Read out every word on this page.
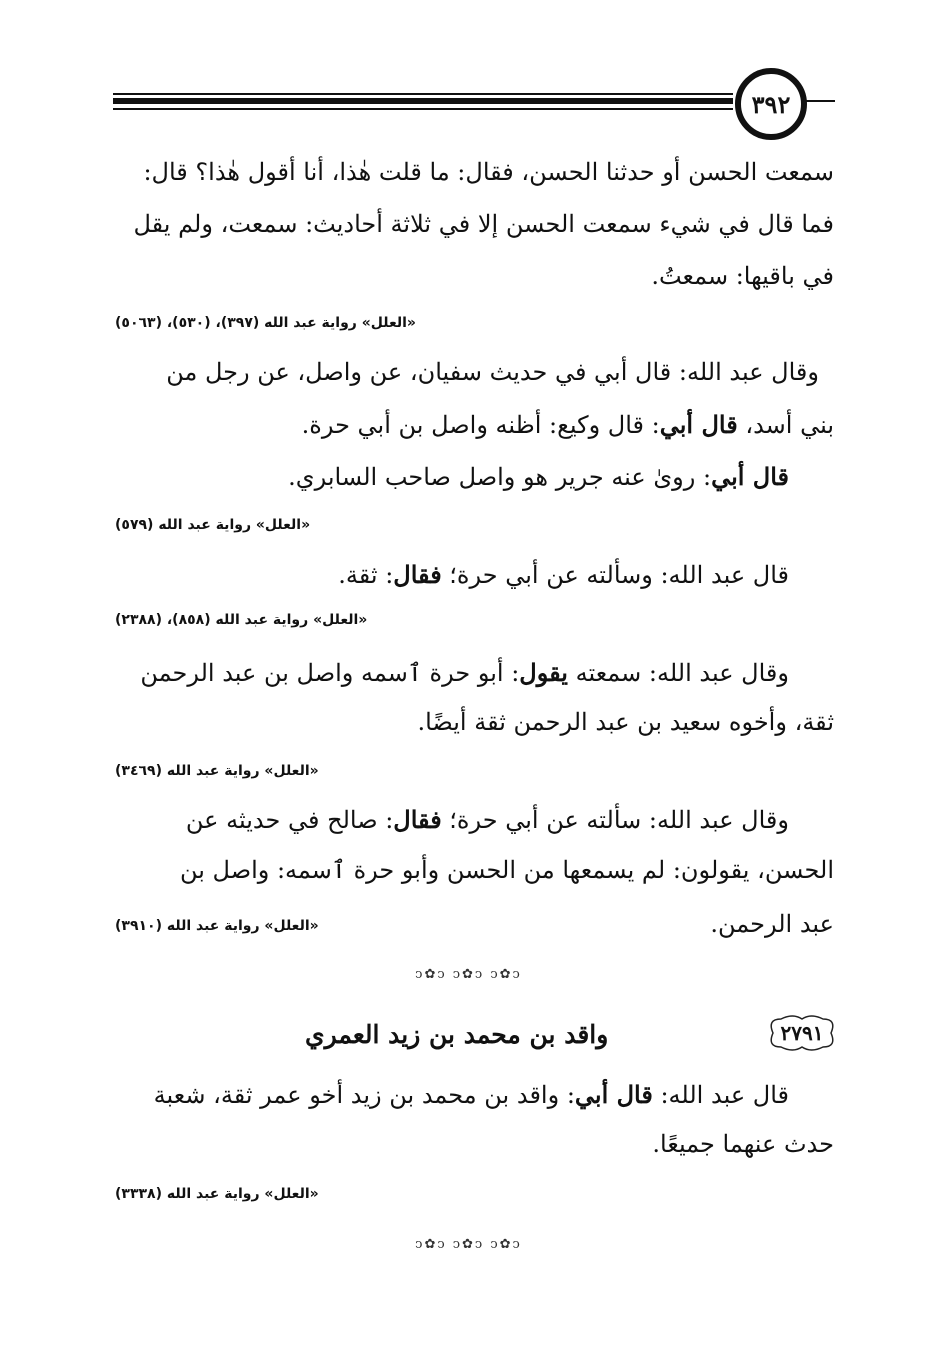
٣٩٢
سمعت الحسن أو حدثنا الحسن، فقال: ما قلت هٰذا، أنا أقول هٰذا؟ قال:
فما قال في شيء سمعت الحسن إلا في ثلاثة أحاديث: سمعت، ولم يقل
في باقيها: سمعتُ.
«العلل» رواية عبد الله (٣٩٧)، (٥٣٠)، (٥٠٦٣)
وقال عبد الله: قال أبي في حديث سفيان، عن واصل، عن رجل من
بني أسد، قال أبي: قال وكيع: أظنه واصل بن أبي حرة.
قال أبي: رویٰ عنه جرير هو واصل صاحب السابري.
«العلل» رواية عبد الله (٥٧٩)
قال عبد الله: وسألته عن أبي حرة؛ فقال: ثقة.
«العلل» رواية عبد الله (٨٥٨)، (٢٣٨٨)
وقال عبد الله: سمعته يقول: أبو حرة ٱسمه واصل بن عبد الرحمن
ثقة، وأخوه سعيد بن عبد الرحمن ثقة أيضًا.
«العلل» رواية عبد الله (٣٤٦٩)
وقال عبد الله: سألته عن أبي حرة؛ فقال: صالح في حديثه عن
الحسن، يقولون: لم يسمعها من الحسن وأبو حرة ٱسمه: واصل بن
عبد الرحمن.
«العلل» رواية عبد الله (٣٩١٠)
ↄ✿ↄ ↄ✿ↄ ↄ✿ↄ
٢٧٩١
واقد بن محمد بن زيد العمري
قال عبد الله: قال أبي: واقد بن محمد بن زيد أخو عمر ثقة، شعبة
حدث عنهما جميعًا.
«العلل» رواية عبد الله (٣٣٣٨)
ↄ✿ↄ ↄ✿ↄ ↄ✿ↄ
